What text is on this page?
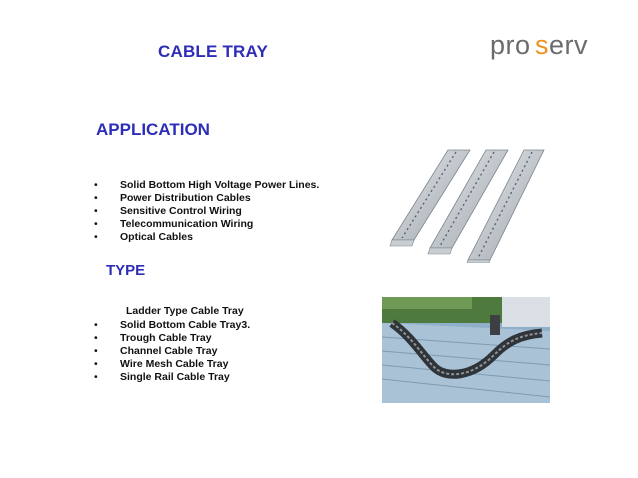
CABLE TRAY	pro s erv
APPLICATION
• Solid Bottom High Voltage Power Lines.
• Power Distribution Cables
• Sensitive Control Wiring
• Telecommunication Wiring
• Optical Cables
TYPE
Ladder Type Cable Tray
• Solid Bottom Cable Tray3.
• Trough Cable Tray
• Channel Cable Tray
• Wire Mesh Cable Tray
• Single Rail Cable Tray
